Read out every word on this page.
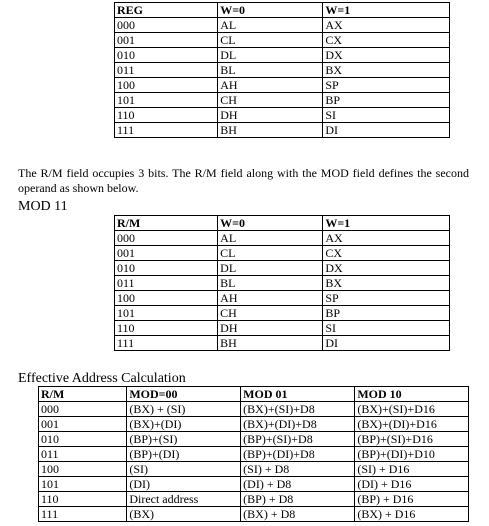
REG	W=0	W=1
000	AL	AX
001	CL	CX
010	DL	DX
011	BL	BX
100	AH	SP
101	CH	BP
110	DH	SI
111	BH	DI

The R/M field occupies 3 bits. The R/M field along with the MOD field defines the second operand as shown below.

MOD 11
R/M	W=0	W=1
000	AL	AX
001	CL	CX
010	DL	DX
011	BL	BX
100	AH	SP
101	CH	BP
110	DH	SI
111	BH	DI
Effective Address Calculation
R/M	MOD=00	MOD 01	MOD 10
000	(BX) + (SI)	(BX)+(SI)+D8	(BX)+(SI)+D16
001	(BX)+(DI)	(BX)+(DI)+D8	(BX)+(DI)+D16
010	(BP)+(SI)	(BP)+(SI)+D8	(BP)+(SI)+D16
011	(BP)+(DI)	(BP)+(DI)+D8	(BP)+(DI)+D10
100	(SI)	(SI) + D8	(SI) + D16
101	(DI)	(DI) + D8	(DI) + D16
110	Direct address	(BP) + D8	(BP) + D16
111	(BX)	(BX) + D8	(BX) + D16
